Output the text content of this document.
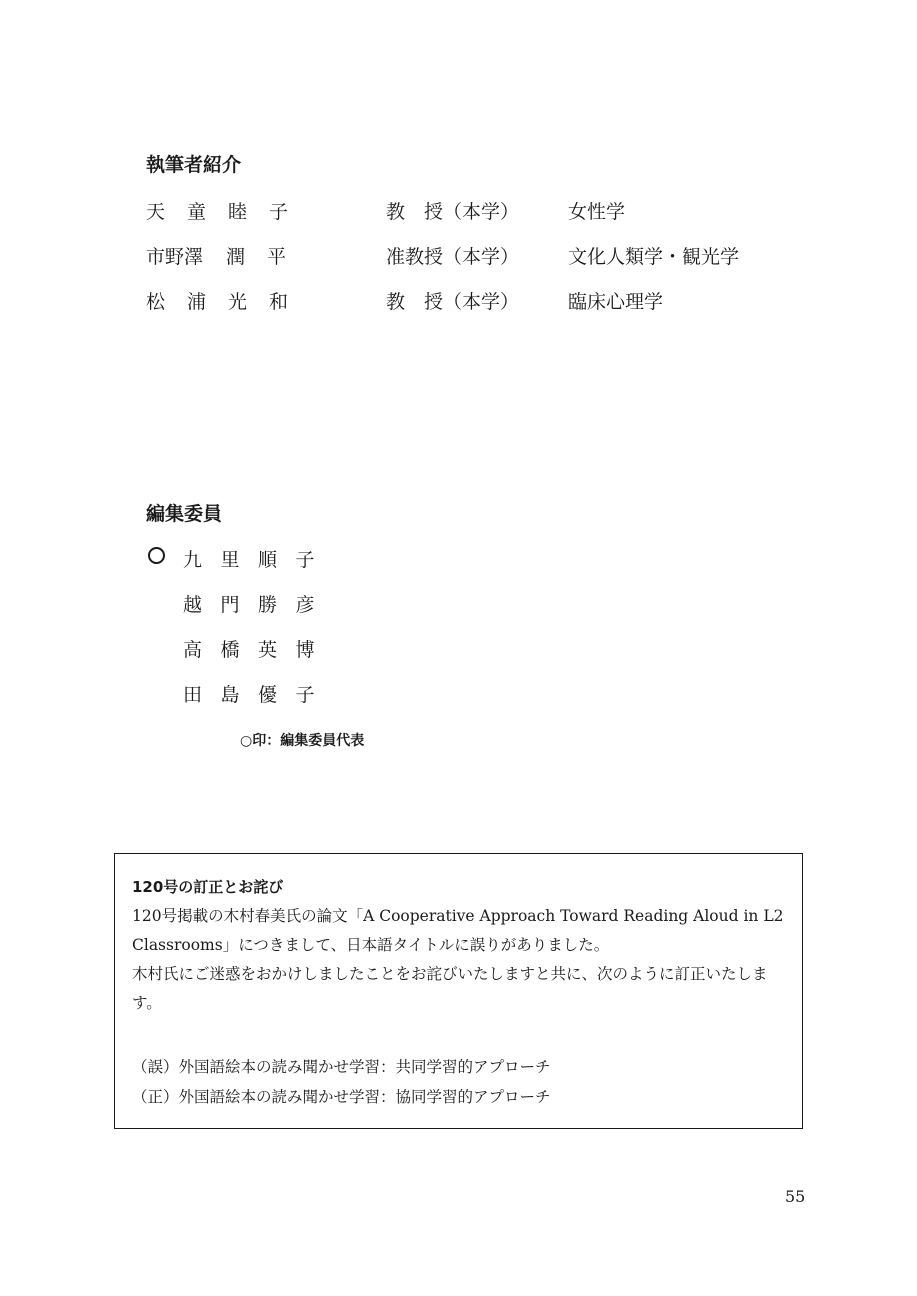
執筆者紹介
天 童 睦 子	教　授（本学）	女性学
市野澤 潤 平	准教授（本学）	文化人類学・観光学
松 浦 光 和	教　授（本学）	臨床心理学
編集委員
九 里 順 子
越 門 勝 彦
高 橋 英 博
田 島 優 子
○印：編集委員代表
120号の訂正とお詫び

120号掲載の木村春美氏の論文「A Cooperative Approach Toward Reading Aloud in L2 Classrooms」につきまして、日本語タイトルに誤りがありました。

木村氏にご迷惑をおかけしましたことをお詫びいたしますと共に、次のように訂正いたします。

（誤）外国語絵本の読み聞かせ学習：共同学習的アプローチ
（正）外国語絵本の読み聞かせ学習：協同学習的アプローチ
55
